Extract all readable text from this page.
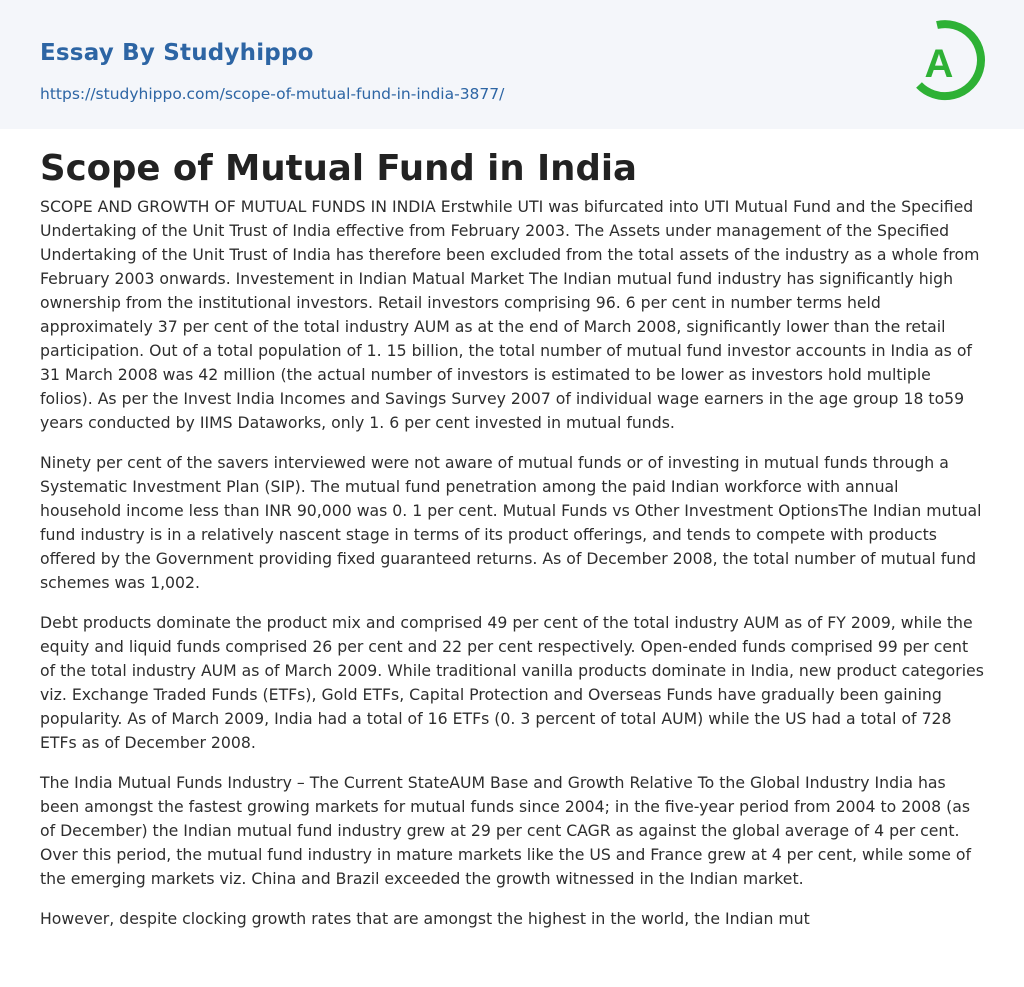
Essay By Studyhippo
https://studyhippo.com/scope-of-mutual-fund-in-india-3877/
A
Scope of Mutual Fund in India

SCOPE AND GROWTH OF MUTUAL FUNDS IN INDIA Erstwhile UTI was bifurcated into UTI Mutual Fund and the Specified Undertaking of the Unit Trust of India effective from February 2003. The Assets under management of the Specified Undertaking of the Unit Trust of India has therefore been excluded from the total assets of the industry as a whole from February 2003 onwards. Investement in Indian Matual Market The Indian mutual fund industry has significantly high ownership from the institutional investors. Retail investors comprising 96. 6 per cent in number terms held approximately 37 per cent of the total industry AUM as at the end of March 2008, significantly lower than the retail participation. Out of a total population of 1. 15 billion, the total number of mutual fund investor accounts in India as of 31 March 2008 was 42 million (the actual number of investors is estimated to be lower as investors hold multiple folios). As per the Invest India Incomes and Savings Survey 2007 of individual wage earners in the age group 18 to59 years conducted by IIMS Dataworks, only 1. 6 per cent invested in mutual funds.

Ninety per cent of the savers interviewed were not aware of mutual funds or of investing in mutual funds through a Systematic Investment Plan (SIP). The mutual fund penetration among the paid Indian workforce with annual household income less than INR 90,000 was 0. 1 per cent. Mutual Funds vs Other Investment OptionsThe Indian mutual fund industry is in a relatively nascent stage in terms of its product offerings, and tends to compete with products offered by the Government providing fixed guaranteed returns. As of December 2008, the total number of mutual fund schemes was 1,002.

Debt products dominate the product mix and comprised 49 per cent of the total industry AUM as of FY 2009, while the equity and liquid funds comprised 26 per cent and 22 per cent respectively. Open-ended funds comprised 99 per cent of the total industry AUM as of March 2009. While traditional vanilla products dominate in India, new product categories viz. Exchange Traded Funds (ETFs), Gold ETFs, Capital Protection and Overseas Funds have gradually been gaining popularity. As of March 2009, India had a total of 16 ETFs (0. 3 percent of total AUM) while the US had a total of 728 ETFs as of December 2008.

The India Mutual Funds Industry – The Current StateAUM Base and Growth Relative To the Global Industry India has been amongst the fastest growing markets for mutual funds since 2004; in the five-year period from 2004 to 2008 (as of December) the Indian mutual fund industry grew at 29 per cent CAGR as against the global average of 4 per cent. Over this period, the mutual fund industry in mature markets like the US and France grew at 4 per cent, while some of the emerging markets viz. China and Brazil exceeded the growth witnessed in the Indian market.

However, despite clocking growth rates that are amongst the highest in the world, the Indian mut
